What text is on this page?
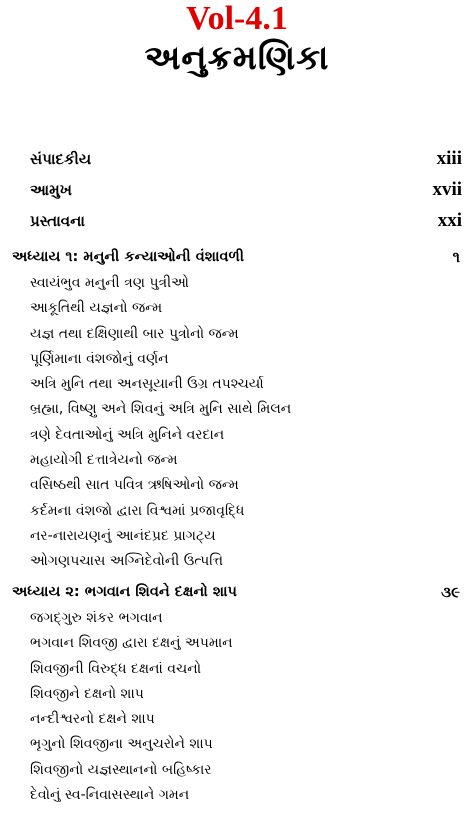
Vol-4.1
અનુક્રમણિકા
સંપાદકીય	xiii
આમુખ	xvii
પ્રસ્તાવના	xxi
અધ્યાય ૧: મનુની કન્યાઓની વંશાવળી	૧
સ્વાયંભુવ મનુની ત્રણ પુત્રીઓ
આકૂતિથી યજ્ઞનો જન્મ
યજ્ઞ તથા દક્ષિણાથી બાર પુત્રોનો જન્મ
પૂર્ણિમાના વંશજોનું વર્ણન
અત્રિ મુનિ તથા અનસૂયાની ઉગ્ર તપશ્ચર્યા
બ્રહ્મા, વિષ્ણુ અને શિવનું અત્રિ મુનિ સાથે મિલન
ત્રણે દેવતાઓનું અત્રિ મુનિને વરદાન
મહાયોગી દત્તાત્રેયનો જન્મ
વસિષ્ઠથી સાત પવિત્ર ઋષિઓનો જન્મ
કર્દમના વંશજો દ્વારા વિશ્વમાં પ્રજાવૃદ્ધિ
નર-નારાયણનું આનંદપ્રદ પ્રાગટ્ય
ઓગણપચાસ અગ્નિદેવોની ઉત્પત્તિ
અધ્યાય ૨: ભગવાન શિવને દક્ષનો શાપ	૩૯
જગદ્‌ગુરુ શંકર ભગવાન
ભગવાન શિવજી દ્વારા દક્ષનું અપમાન
શિવજીની વિરુદ્ધ દક્ષનાં વચનો
શિવજીને દક્ષનો શાપ
નન્દીશ્વરનો દક્ષને શાપ
ભૃગુનો શિવજીના અનુચરોને શાપ
શિવજીનો યજ્ઞસ્થાનનો બહિષ્કાર
દેવોનું સ્વ-નિવાસસ્થાને ગમન
